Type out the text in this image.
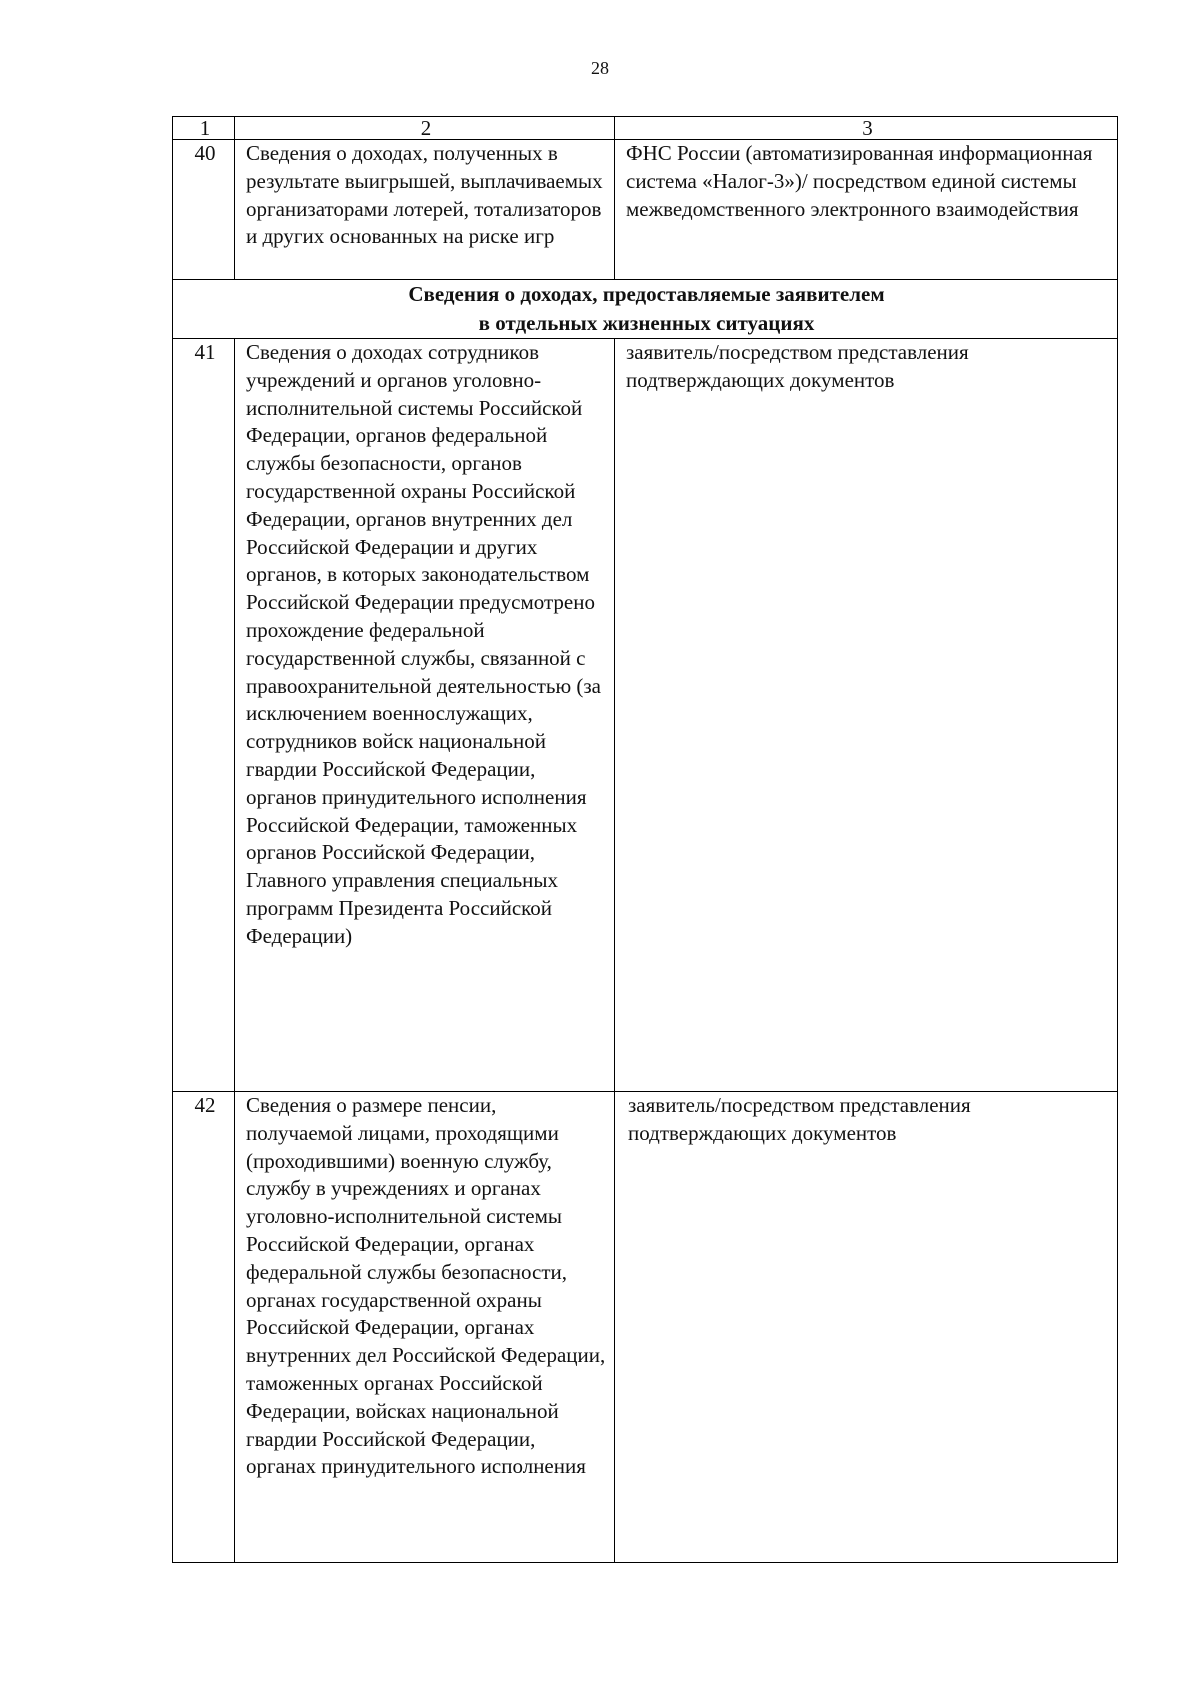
28
1	2	3
40	Сведения о доходах, полученных в результате выигрышей, выплачиваемых организаторами лотерей, тотализаторов и других основанных на риске игр	ФНС России (автоматизированная информационная система «Налог-3»)/ посредством единой системы межведомственного электронного взаимодействия

Сведения о доходах, предоставляемые заявителем
в отдельных жизненных ситуациях		

41	Сведения о доходах сотрудников учреждений и органов уголовно-исполнительной системы Российской Федерации, органов федеральной службы безопасности, органов государственной охраны Российской Федерации, органов внутренних дел Российской Федерации и других органов, в которых законодательством Российской Федерации предусмотрено прохождение федеральной государственной службы, связанной с правоохранительной деятельностью (за исключением военнослужащих, сотрудников войск национальной гвардии Российской Федерации, органов принудительного исполнения Российской Федерации, таможенных органов Российской Федерации, Главного управления специальных программ Президента Российской Федерации)	заявитель/посредством представления подтверждающих документов
42	Сведения о размере пенсии, получаемой лицами, проходящими (проходившими) военную службу, службу в учреждениях и органах уголовно-исполнительной системы Российской Федерации, органах федеральной службы безопасности, органах государственной охраны Российской Федерации, органах внутренних дел Российской Федерации, таможенных органах Российской Федерации, войсках национальной гвардии Российской Федерации, органах принудительного исполнения	заявитель/посредством представления подтверждающих документов
